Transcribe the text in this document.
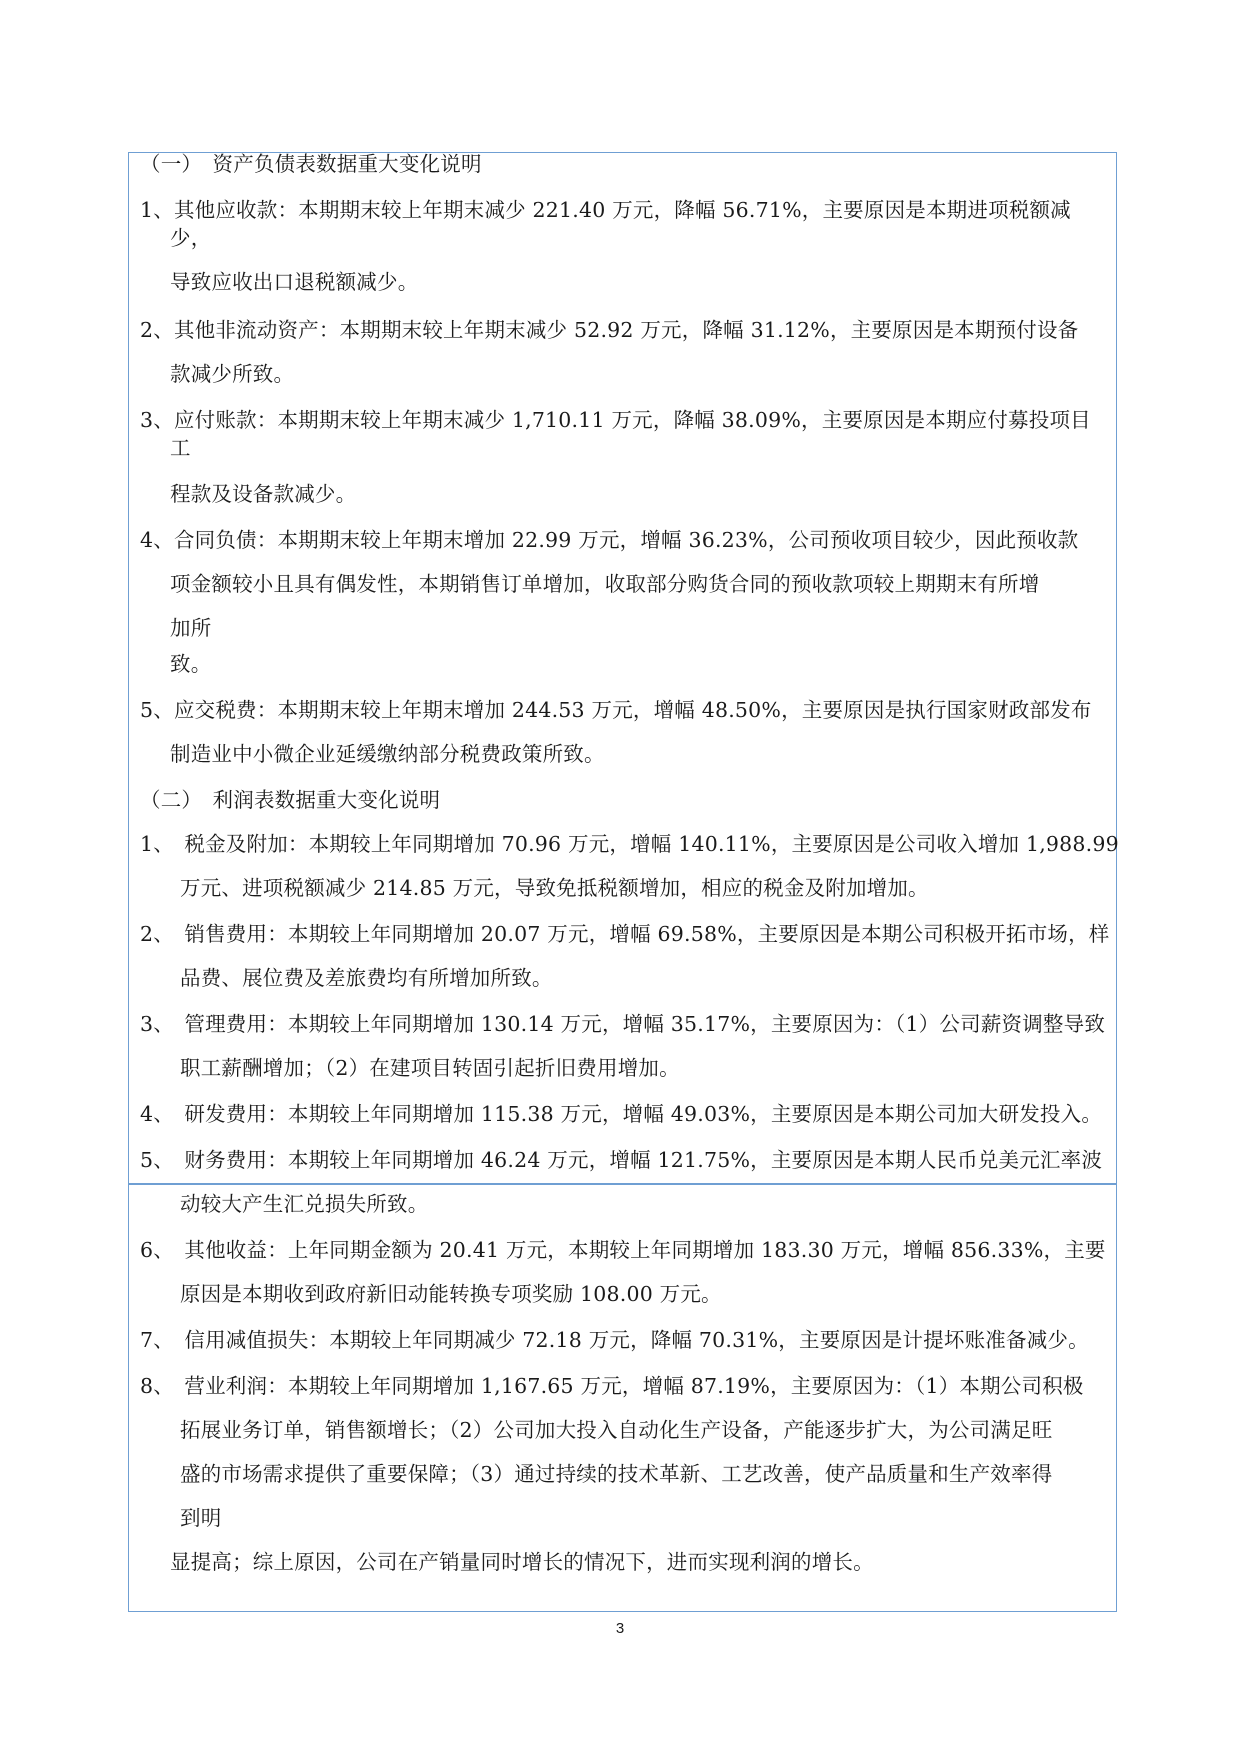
（一）　资产负债表数据重大变化说明
1、其他应收款：本期期末较上年期末减少 221.40 万元，降幅 56.71%，主要原因是本期进项税额减
少，
导致应收出口退税额减少。
2、其他非流动资产：本期期末较上年期末减少 52.92 万元，降幅 31.12%，主要原因是本期预付设备
款减少所致。
3、应付账款：本期期末较上年期末减少 1,710.11 万元，降幅 38.09%，主要原因是本期应付募投项目
工
程款及设备款减少。
4、合同负债：本期期末较上年期末增加 22.99 万元，增幅 36.23%，公司预收项目较少，因此预收款
项金额较小且具有偶发性，本期销售订单增加，收取部分购货合同的预收款项较上期期末有所增
加所
致。
5、应交税费：本期期末较上年期末增加 244.53 万元，增幅 48.50%，主要原因是执行国家财政部发布
制造业中小微企业延缓缴纳部分税费政策所致。
（二）　利润表数据重大变化说明
1、　税金及附加：本期较上年同期增加 70.96 万元，增幅 140.11%，主要原因是公司收入增加 1,988.99
万元、进项税额减少 214.85 万元，导致免抵税额增加，相应的税金及附加增加。
2、　销售费用：本期较上年同期增加 20.07 万元，增幅 69.58%，主要原因是本期公司积极开拓市场，样
品费、展位费及差旅费均有所增加所致。
3、　管理费用：本期较上年同期增加 130.14 万元，增幅 35.17%，主要原因为：（1）公司薪资调整导致
职工薪酬增加；（2）在建项目转固引起折旧费用增加。
4、　研发费用：本期较上年同期增加 115.38 万元，增幅 49.03%，主要原因是本期公司加大研发投入。
5、　财务费用：本期较上年同期增加 46.24 万元，增幅 121.75%，主要原因是本期人民币兑美元汇率波
动较大产生汇兑损失所致。
6、　其他收益：上年同期金额为 20.41 万元，本期较上年同期增加 183.30 万元，增幅 856.33%，主要
原因是本期收到政府新旧动能转换专项奖励 108.00 万元。
7、　信用减值损失：本期较上年同期减少 72.18 万元，降幅 70.31%，主要原因是计提坏账准备减少。
8、　营业利润：本期较上年同期增加 1,167.65 万元，增幅 87.19%，主要原因为：（1）本期公司积极
拓展业务订单，销售额增长；（2）公司加大投入自动化生产设备，产能逐步扩大，为公司满足旺
盛的市场需求提供了重要保障；（3）通过持续的技术革新、工艺改善，使产品质量和生产效率得
到明
显提高；综上原因，公司在产销量同时增长的情况下，进而实现利润的增长。
3
